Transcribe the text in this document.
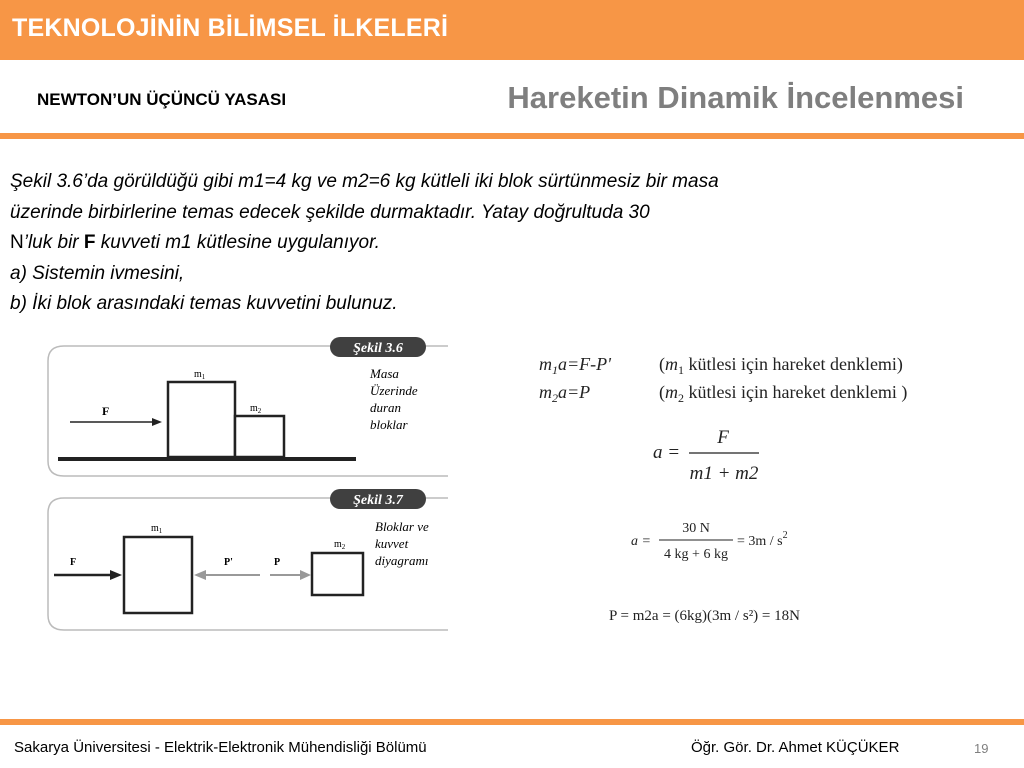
TEKNOLOJİNİN BİLİMSEL İLKELERİ
NEWTON’UN ÜÇÜNCÜ YASASI	Hareketin Dinamik İncelenmesi
Şekil 3.6’da görüldüğü gibi m1=4 kg ve m2=6 kg kütleli iki blok sürtünmesiz bir masa
üzerinde birbirlerine temas edecek şekilde durmaktadır. Yatay doğrultuda 30
N’luk bir F kuvveti m1 kütlesine uygulanıyor.
a) Sistemin ivmesini,
b) İki blok arasındaki temas kuvvetini bulunuz.
Şekil 3.6
$m_1$
$m_2$
F
Masa Üzerinde duran bloklar
Şekil 3.7
$m_1$
$m_2$
F	P'	P
Bloklar ve kuvvet diyagramı
$m_1a=F-P'$	($m_1$ kütlesi için hareket denklemi)
$m_2a=P$	($m_2$ kütlesi için hareket denklemi )
a =
F
m1 + m2
a =
30 N
4 kg + 6 kg
= $3m / s^2$
P = m2a = (6kg)(3m / s²) = 18N
Sakarya Üniversitesi - Elektrik-Elektronik Mühendisliği Bölümü	Öğr. Gör. Dr. Ahmet KÜÇÜKER	19
